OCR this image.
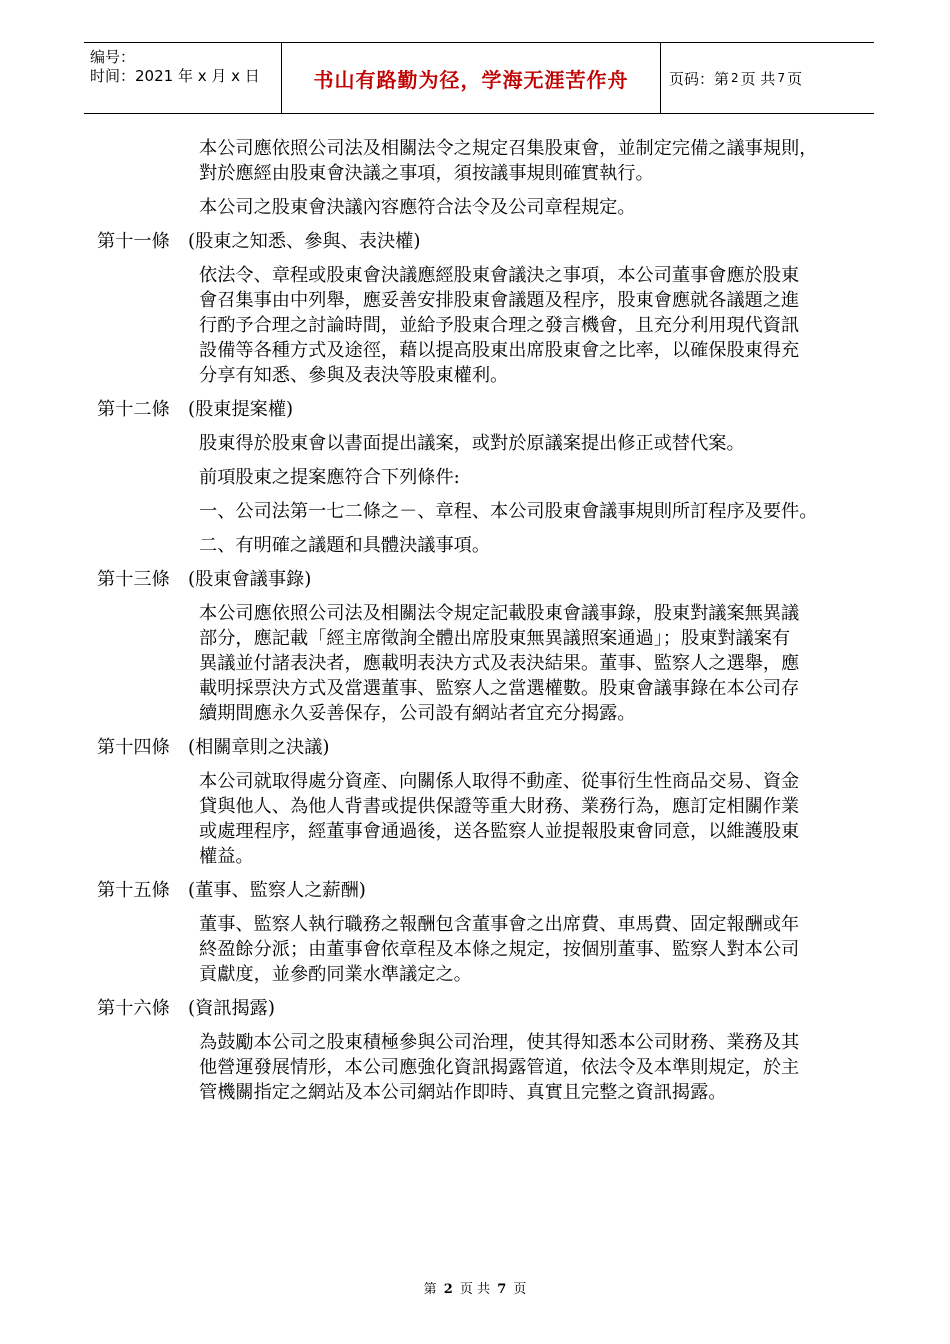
编号：
时间：2021 年 x 月 x 日	书山有路勤为径，学海无涯苦作舟	页码：第 2 页 共 7 页
本公司應依照公司法及相關法令之規定召集股東會，並制定完備之議事規則，
對於應經由股東會決議之事項，須按議事規則確實執行。
本公司之股東會決議內容應符合法令及公司章程規定。
第十一條 (股東之知悉、參與、表決權)
依法令、章程或股東會決議應經股東會議決之事項，本公司董事會應於股東
會召集事由中列舉，應妥善安排股東會議題及程序，股東會應就各議題之進
行酌予合理之討論時間，並給予股東合理之發言機會，且充分利用現代資訊
設備等各種方式及途徑，藉以提高股東出席股東會之比率，以確保股東得充
分享有知悉、參與及表決等股東權利。
第十二條 (股東提案權)
股東得於股東會以書面提出議案，或對於原議案提出修正或替代案。
前項股東之提案應符合下列條件:
一、公司法第一七二條之－、章程、本公司股東會議事規則所訂程序及要件。
二、有明確之議題和具體決議事項。
第十三條 (股東會議事錄)
本公司應依照公司法及相關法令規定記載股東會議事錄，股東對議案無異議
部分，應記載「經主席徵詢全體出席股東無異議照案通過」；股東對議案有
異議並付諸表決者，應載明表決方式及表決結果。董事、監察人之選舉，應
載明採票決方式及當選董事、監察人之當選權數。股東會議事錄在本公司存
續期間應永久妥善保存，公司設有網站者宜充分揭露。
第十四條 (相關章則之決議)
本公司就取得處分資產、向關係人取得不動產、從事衍生性商品交易、資金
貸與他人、為他人背書或提供保證等重大財務、業務行為，應訂定相關作業
或處理程序，經董事會通過後，送各監察人並提報股東會同意，以維護股東
權益。
第十五條 (董事、監察人之薪酬)
董事、監察人執行職務之報酬包含董事會之出席費、車馬費、固定報酬或年
終盈餘分派；由董事會依章程及本條之規定，按個別董事、監察人對本公司
貢獻度，並參酌同業水準議定之。
第十六條 (資訊揭露)
為鼓勵本公司之股東積極參與公司治理，使其得知悉本公司財務、業務及其
他營運發展情形，本公司應強化資訊揭露管道，依法令及本準則規定，於主
管機關指定之網站及本公司網站作即時、真實且完整之資訊揭露。
第 2 页 共 7 页
